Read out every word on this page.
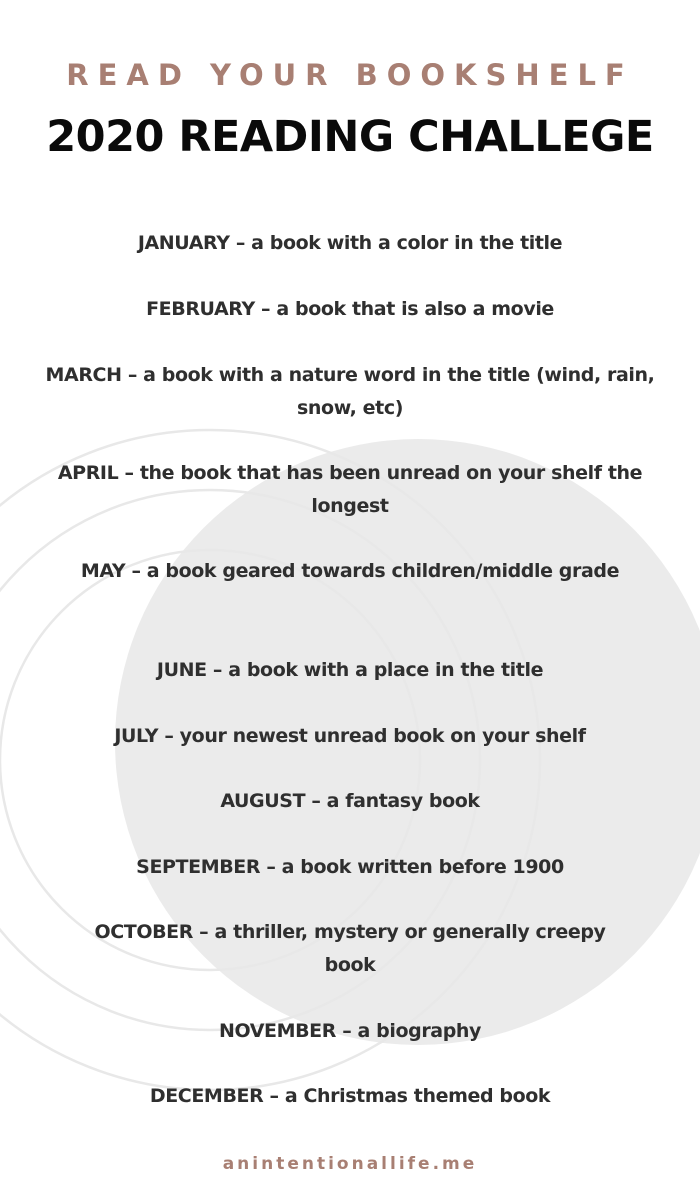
READ YOUR BOOKSHELF
2020 READING CHALLEGE
JANUARY – a book with a color in the title
FEBRUARY – a book that is also a movie
MARCH – a book with a nature word in the title (wind, rain, snow, etc)
APRIL – the book that has been unread on your shelf the longest
MAY – a book geared towards children/middle grade
JUNE – a book with a place in the title
JULY – your newest unread book on your shelf
AUGUST – a fantasy book
SEPTEMBER – a book written before 1900
OCTOBER – a thriller, mystery or generally creepy book
NOVEMBER – a biography
DECEMBER – a Christmas themed book
anintentionallife.me
